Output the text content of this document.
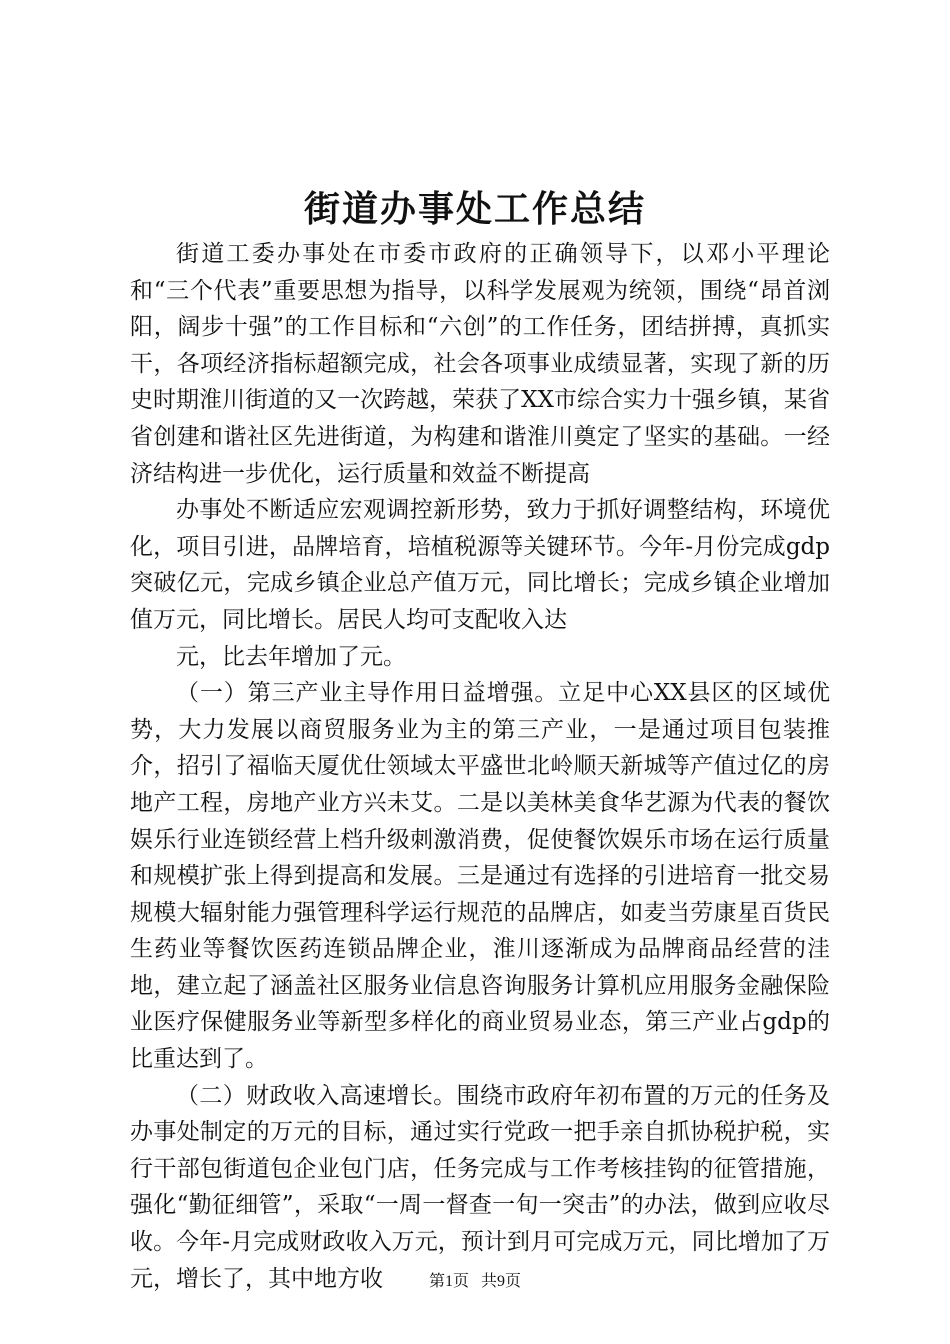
街道办事处工作总结

街道工委办事处在市委市政府的正确领导下，以邓小平理论和“三个代表”重要思想为指导，以科学发展观为统领，围绕“昂首浏阳，阔步十强”的工作目标和“六创”的工作任务，团结拼搏，真抓实干，各项经济指标超额完成，社会各项事业成绩显著，实现了新的历史时期淮川街道的又一次跨越，荣获了XX市综合实力十强乡镇，某省省创建和谐社区先进街道，为构建和谐淮川奠定了坚实的基础。一经济结构进一步优化，运行质量和效益不断提高

办事处不断适应宏观调控新形势，致力于抓好调整结构，环境优化，项目引进，品牌培育，培植税源等关键环节。今年-月份完成gdp突破亿元，完成乡镇企业总产值万元，同比增长；完成乡镇企业增加值万元，同比增长。居民人均可支配收入达

元，比去年增加了元。

（一）第三产业主导作用日益增强。立足中心XX县区的区域优势，大力发展以商贸服务业为主的第三产业，一是通过项目包装推介，招引了福临天厦优仕领域太平盛世北岭顺天新城等产值过亿的房地产工程，房地产业方兴未艾。二是以美林美食华艺源为代表的餐饮娱乐行业连锁经营上档升级刺激消费，促使餐饮娱乐市场在运行质量和规模扩张上得到提高和发展。三是通过有选择的引进培育一批交易规模大辐射能力强管理科学运行规范的品牌店，如麦当劳康星百货民生药业等餐饮医药连锁品牌企业，淮川逐渐成为品牌商品经营的洼地，建立起了涵盖社区服务业信息咨询服务计算机应用服务金融保险业医疗保健服务业等新型多样化的商业贸易业态，第三产业占gdp的比重达到了。

（二）财政收入高速增长。围绕市政府年初布置的万元的任务及办事处制定的万元的目标，通过实行党政一把手亲自抓协税护税，实行干部包街道包企业包门店，任务完成与工作考核挂钩的征管措施，强化“勤征细管”，采取“一周一督查一旬一突击”的办法，做到应收尽收。今年-月完成财政收入万元，预计到月可完成万元，同比增加了万元，增长了，其中地方收	第1页 共9页
